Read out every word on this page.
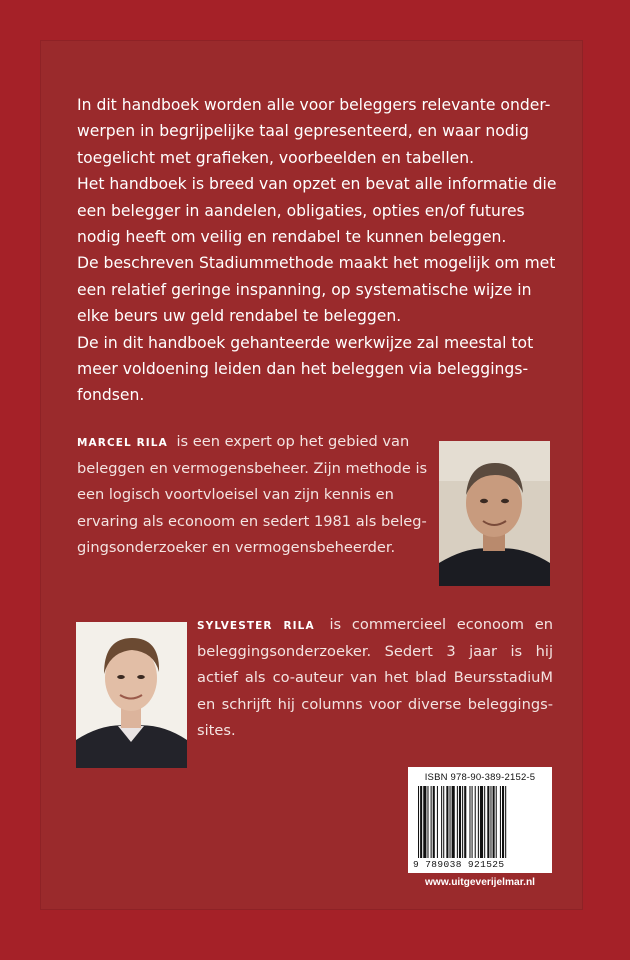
In dit handboek worden alle voor beleggers relevante onder- werpen in begrijpelijke taal gepresenteerd, en waar nodig toegelicht met grafieken, voorbeelden en tabellen.

Het handboek is breed van opzet en bevat alle informatie die een belegger in aandelen, obligaties, opties en/of futures nodig heeft om veilig en rendabel te kunnen beleggen.

De beschreven Stadiummethode maakt het mogelijk om met een relatief geringe inspanning, op systematische wijze in elke beurs uw geld rendabel te beleggen.

De in dit handboek gehanteerde werkwijze zal meestal tot meer voldoening leiden dan het beleggen via beleggings- fondsen.

MARCEL RILA is een expert op het gebied van beleggen en vermogensbeheer. Zijn methode is een logisch voortvloeisel van zijn kennis en ervaring als econoom en sedert 1981 als beleg- gingsonderzoeker en vermogensbeheerder.
SYLVESTER RILA is commercieel econoom en beleggingsonderzoeker. Sedert 3 jaar is hij actief als co-auteur van het blad BeursstadiuM en schrijft hij columns voor diverse beleggings- sites.
ISBN 978-90-389-2152-5
9 789038 921525
www.uitgeverijelmar.nl
